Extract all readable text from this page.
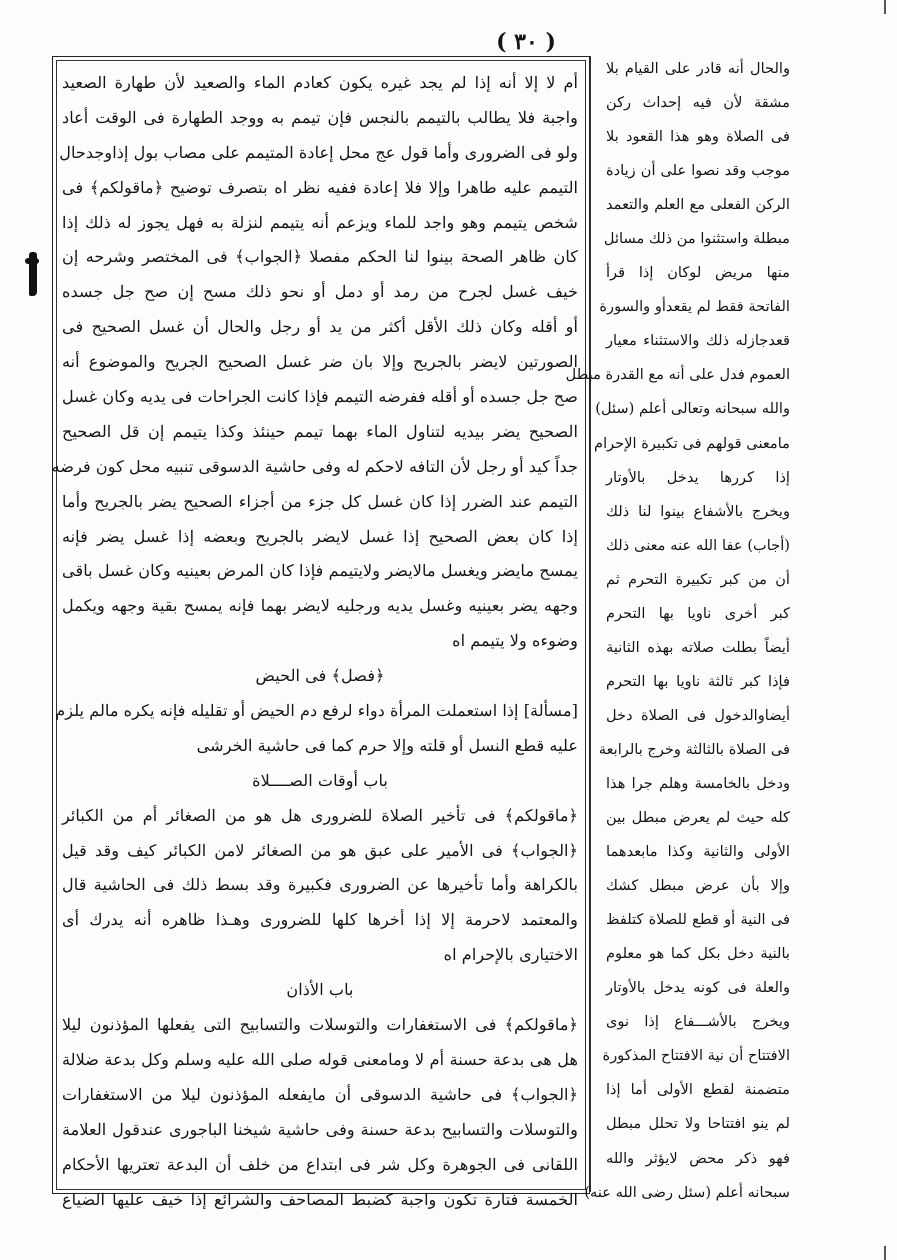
( ٣٠ )
أم لا إلا أنه إذا لم يجد غيره يكون كعادم الماء والصعيد لأن طهارة الصعيد
واجبة فلا يطالب بالتيمم بالنجس فإن تيمم به ووجد الطهارة فى الوقت أعاد
ولو فى الضرورى وأما قول عج محل إعادة المتيمم على مصاب بول إذاوجدحال
التيمم عليه طاهرا وإلا فلا إعادة ففيه نظر اه بتصرف توضيح ﴿ماقولكم﴾ فى
شخص يتيمم وهو واجد للماء ويزعم أنه يتيمم لنزلة به فهل يجوز له ذلك إذا
كان ظاهر الصحة بينوا لنا الحكم مفصلا ﴿الجواب﴾ فى المختصر وشرحه إن
خيف غسل لجرح من رمد أو دمل أو نحو ذلك مسح إن صح جل جسده
أو أقله وكان ذلك الأقل أكثر من يد أو رجل والحال أن غسل الصحيح فى
الصورتين لايضر بالجريح وإلا بان ضر غسل الصحيح الجريح والموضوع أنه
صح جل جسده أو أقله ففرضه التيمم فإذا كانت الجراحات فى يديه وكان غسل
الصحيح يضر بيديه لتناول الماء بهما تيمم حينئذ وكذا يتيمم إن قل الصحيح
جداً كيد أو رجل لأن التافه لاحكم له وفى حاشية الدسوقى تنبيه محل كون فرضه
التيمم عند الضرر إذا كان غسل كل جزء من أجزاء الصحيح يضر بالجريح وأما
إذا كان بعض الصحيح إذا غسل لايضر بالجريح وبعضه إذا غسل يضر فإنه
يمسح مايضر ويغسل مالايضر ولايتيمم فإذا كان المرض بعينيه وكان غسل باقى
وجهه يضر بعينيه وغسل يديه ورجليه لايضر بهما فإنه يمسح بقية وجهه ويكمل
وضوءه ولا يتيمم اه
﴿فصل﴾ فى الحيض
[مسألة] إذا استعملت المرأة دواء لرفع دم الحيض أو تقليله فإنه يكره مالم يلزم
عليه قطع النسل أو قلته وإلا حرم كما فى حاشية الخرشى
باب أوقات الصــــلاة
﴿ماقولكم﴾ فى تأخير الصلاة للضرورى هل هو من الصغائر أم من الكبائر
﴿الجواب﴾ فى الأمير على عبق هو من الصغائر لامن الكبائر كيف وقد قيل
بالكراهة وأما تأخيرها عن الضرورى فكبيرة وقد بسط ذلك فى الحاشية قال
والمعتمد لاحرمة إلا إذا أخرها كلها للضرورى وهـذا ظاهره أنه يدرك أى
الاختيارى بالإحرام اه
باب الأذان
﴿ماقولكم﴾ فى الاستغفارات والتوسلات والتسابيح التى يفعلها المؤذنون ليلا
هل هى بدعة حسنة أم لا ومامعنى قوله صلى الله عليه وسلم وكل بدعة ضلالة
﴿الجواب﴾ فى حاشية الدسوقى أن مايفعله المؤذنون ليلا من الاستغفارات
والتوسلات والتسابيح بدعة حسنة وفى حاشية شيخنا الباجورى عندقول العلامة
اللقانى فى الجوهرة وكل شر فى ابتداع من خلف أن البدعة تعتريها الأحكام
الخمسة فتارة تكون واجبة كضبط المصاحف والشرائع إذا خيف عليها الضياع
والحال أنه قادر على القيام بلا
مشقة لأن فيه إحداث ركن
فى الصلاة وهو هذا القعود بلا
موجب وقد نصوا على أن زيادة
الركن الفعلى مع العلم والتعمد
مبطلة واستثنوا من ذلك مسائل
منها مريض لوكان إذا قرأ
الفاتحة فقط لم يقعدأو والسورة
قعدجازله ذلك والاستثناء معيار
العموم فدل على أنه مع القدرة مبطل
والله سبحانه وتعالى أعلم (سئل)
مامعنى قولهم فى تكبيرة الإحرام
إذا كررها يدخل بالأوتار
ويخرج بالأشفاع بينوا لنا ذلك
(أجاب) عفا الله عنه معنى ذلك
أن من كبر تكبيرة التحرم ثم
كبر أخرى ناويا بها التحرم
أيضاً بطلت صلاته بهذه الثانية
فإذا كبر ثالثة ناويا بها التحرم
أيضاوالدخول فى الصلاة دخل
فى الصلاة بالثالثة وخرج بالرابعة
ودخل بالخامسة وهلم جرا هذا
كله حيث لم يعرض مبطل بين
الأولى والثانية وكذا مابعدهما
وإلا بأن عرض مبطل كشك
فى النية أو قطع للصلاة كتلفظ
بالنية دخل بكل كما هو معلوم
والعلة فى كونه يدخل بالأوتار
ويخرج بالأشـــفاع إذا نوى
الافتتاح أن نية الافتتاح المذكورة
متضمنة لقطع الأولى أما إذا
لم ينو افتتاحا ولا تحلل مبطل
فهو ذكر محض لايؤثر والله
سبحانه أعلم (سئل رضى الله عنه)
